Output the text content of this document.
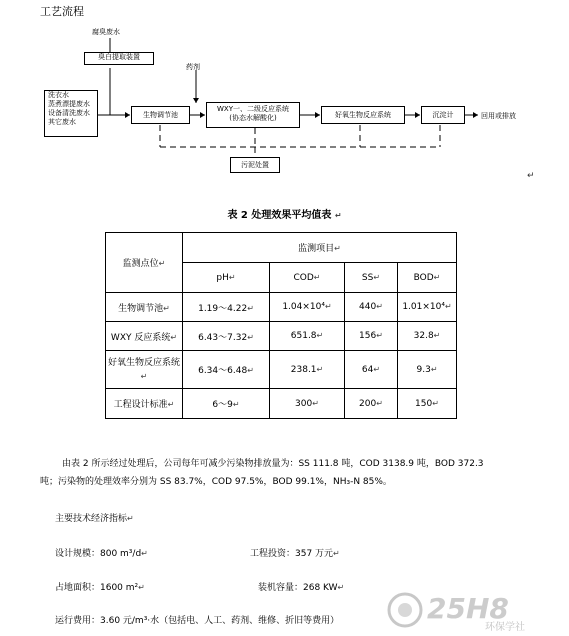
工艺流程
腐臭废水
臭白提取装置
洗衣水
蒸煮漂提废水
设备清洗废水
其它废水
药剂
生物调节池
WXY一、二级反应系统
(协态水解酸化)	好氧生物反应系统	沉淀计	回用或排放
污泥处置
↵
表 2 处理效果平均值表 ↵
监测点位↵	监测项目↵			
	pH↵	COD↵	SS↵	BOD↵
生物调节池↵	1.19～4.22↵	1.04×10⁴↵	440↵	1.01×10⁴↵
WXY 反应系统↵	6.43～7.32↵	651.8↵	156↵	32.8↵
好氧生物反应系统↵	6.34～6.48↵	238.1↵	64↵	9.3↵
工程设计标准↵	6～9↵	300↵	200↵	150↵
由表 2 所示经过处理后，公司每年可减少污染物排放量为：SS 111.8 吨，COD 3138.9 吨，BOD 372.3
吨；污染物的处理效率分别为 SS 83.7%，COD 97.5%，BOD 99.1%，NH₃-N 85%。
主要技术经济指标↵
设计规模：800 m³/d↵	工程投资：357 万元↵
占地面积：1600 m²↵	装机容量：268 KW↵
运行费用：3.60 元/m³·水（包括电、人工、药剂、维修、折旧等费用）	25H8
环保学社
